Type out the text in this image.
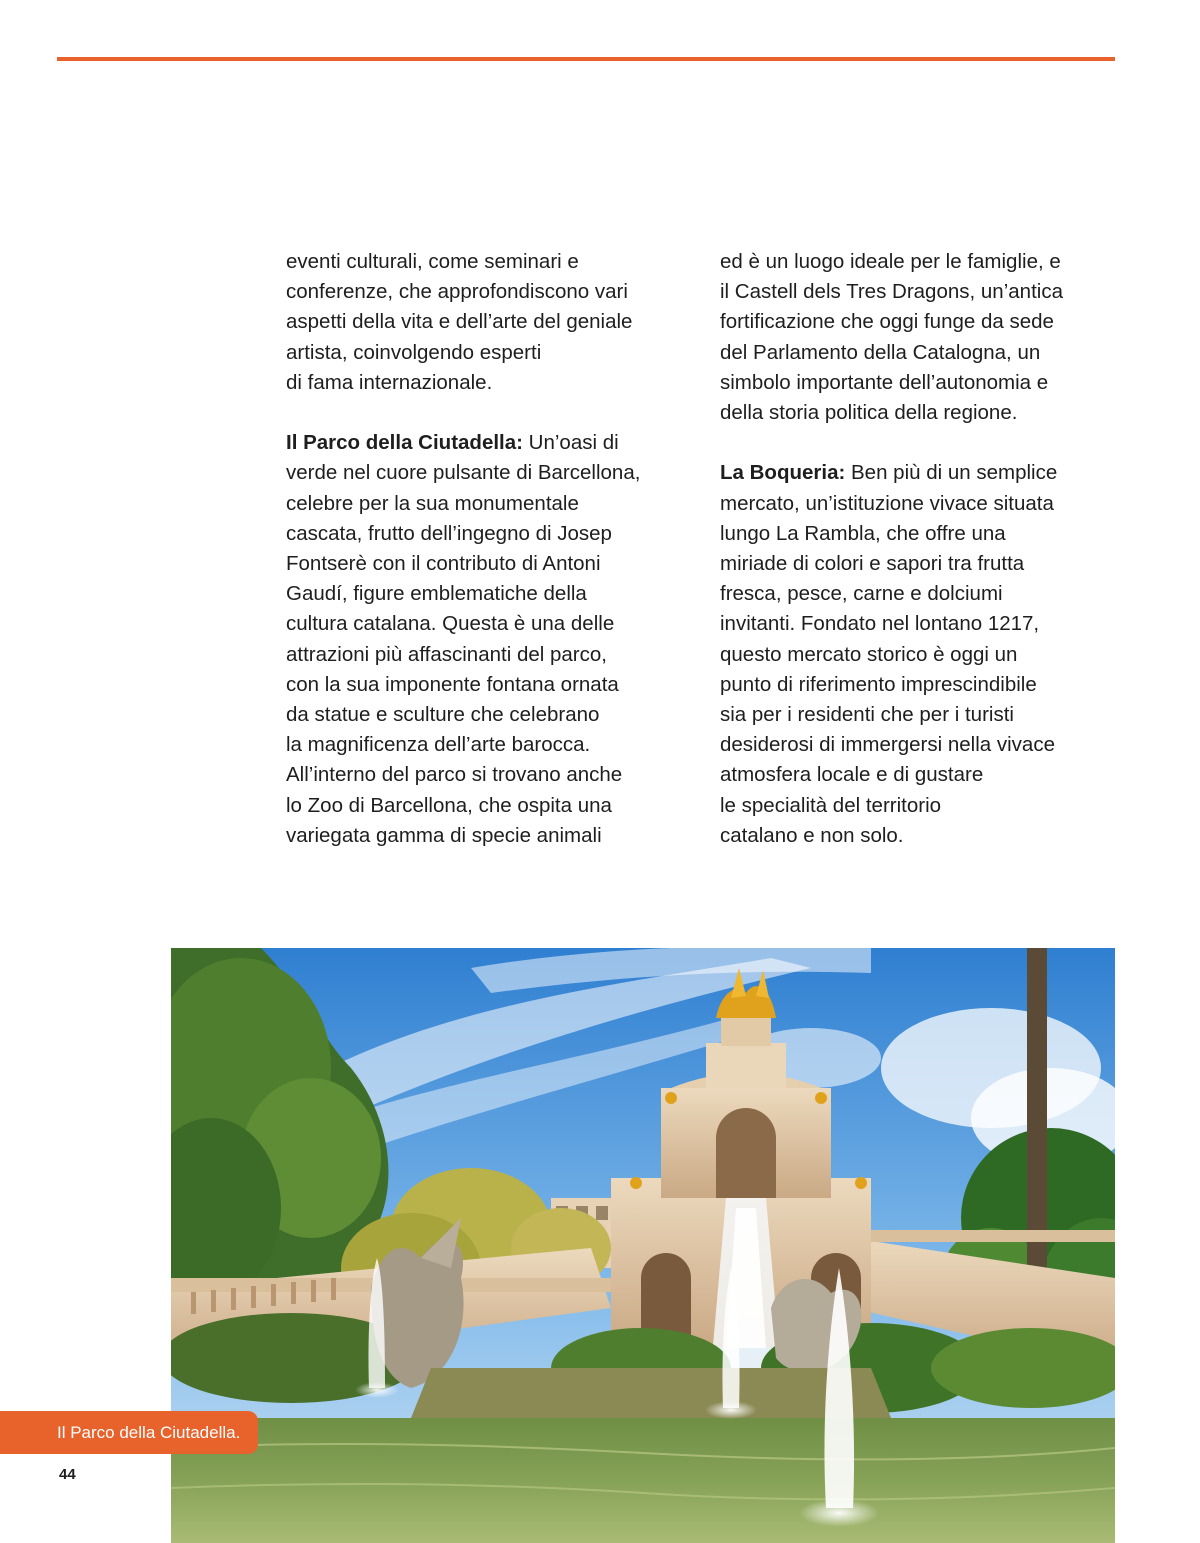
eventi culturali, come seminari e
conferenze, che approfondiscono vari
aspetti della vita e dell’arte del geniale
artista, coinvolgendo esperti
di fama internazionale.
Il Parco della Ciutadella: Un’oasi di
verde nel cuore pulsante di Barcellona,
celebre per la sua monumentale
cascata, frutto dell’ingegno di Josep
Fontserè con il contributo di Antoni
Gaudí, figure emblematiche della
cultura catalana. Questa è una delle
attrazioni più affascinanti del parco,
con la sua imponente fontana ornata
da statue e sculture che celebrano
la magnificenza dell’arte barocca.
All’interno del parco si trovano anche
lo Zoo di Barcellona, che ospita una
variegata gamma di specie animali
ed è un luogo ideale per le famiglie, e
il Castell dels Tres Dragons, un’antica
fortificazione che oggi funge da sede
del Parlamento della Catalogna, un
simbolo importante dell’autonomia e
della storia politica della regione.
La Boqueria: Ben più di un semplice
mercato, un’istituzione vivace situata
lungo La Rambla, che offre una
miriade di colori e sapori tra frutta
fresca, pesce, carne e dolciumi
invitanti. Fondato nel lontano 1217,
questo mercato storico è oggi un
punto di riferimento imprescindibile
sia per i residenti che per i turisti
desiderosi di immergersi nella vivace
atmosfera locale e di gustare
le specialità del territorio
catalano e non solo.
Il Parco della Ciutadella.
44
